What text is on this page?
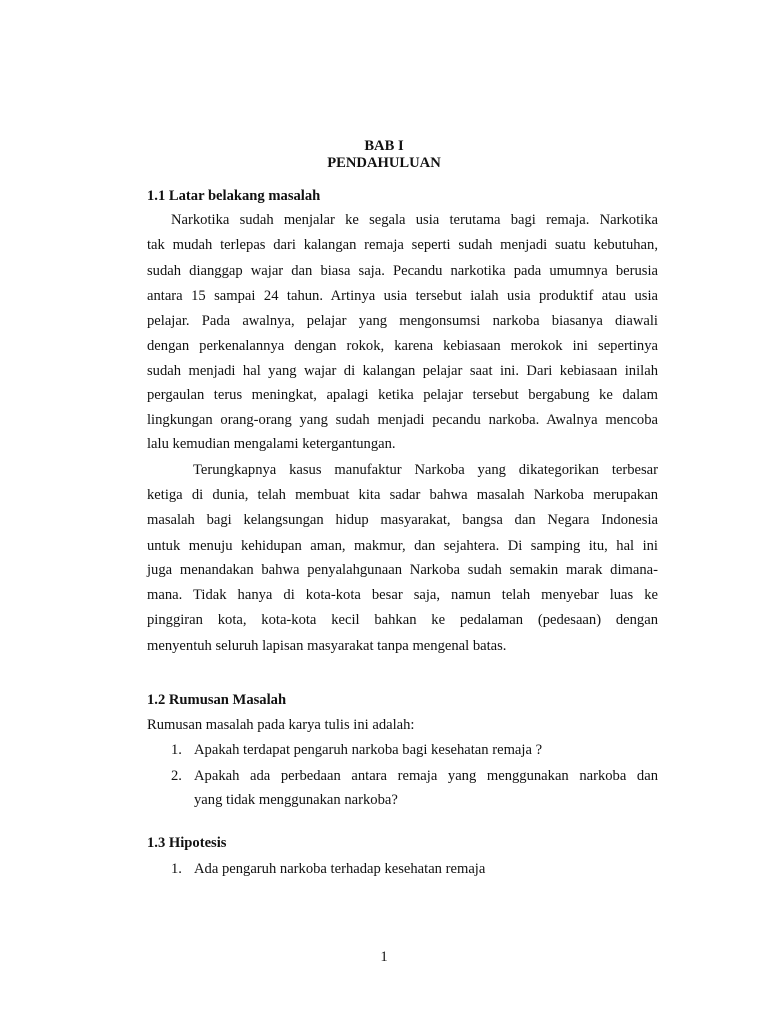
BAB I
PENDAHULUAN
1.1 Latar belakang masalah
Narkotika sudah menjalar ke segala usia terutama bagi remaja. Narkotika
tak mudah terlepas dari kalangan remaja seperti sudah menjadi suatu kebutuhan,
sudah dianggap wajar dan biasa saja. Pecandu narkotika pada umumnya berusia
antara 15 sampai 24 tahun. Artinya usia tersebut ialah usia produktif atau usia
pelajar. Pada awalnya, pelajar yang mengonsumsi narkoba biasanya diawali
dengan perkenalannya dengan rokok, karena kebiasaan merokok ini sepertinya
sudah menjadi hal yang wajar di kalangan pelajar saat ini. Dari kebiasaan inilah
pergaulan terus meningkat, apalagi ketika pelajar tersebut bergabung ke dalam
lingkungan orang-orang yang sudah menjadi pecandu narkoba. Awalnya mencoba
lalu kemudian mengalami ketergantungan.
Terungkapnya kasus manufaktur Narkoba yang dikategorikan terbesar
ketiga di dunia, telah membuat kita sadar bahwa masalah Narkoba merupakan
masalah bagi kelangsungan hidup masyarakat, bangsa dan Negara Indonesia
untuk menuju kehidupan aman, makmur, dan sejahtera. Di samping itu, hal ini
juga menandakan bahwa penyalahgunaan Narkoba sudah semakin marak dimana-
mana. Tidak hanya di kota-kota besar saja, namun telah menyebar luas ke
pinggiran kota, kota-kota kecil bahkan ke pedalaman (pedesaan) dengan
menyentuh seluruh lapisan masyarakat tanpa mengenal batas.
1.2 Rumusan Masalah
Rumusan masalah pada karya tulis ini adalah:
1. Apakah terdapat pengaruh narkoba bagi kesehatan remaja ?
2. Apakah ada perbedaan antara remaja yang menggunakan narkoba dan
yang tidak menggunakan narkoba?
1.3 Hipotesis
1. Ada pengaruh narkoba terhadap kesehatan remaja
1
